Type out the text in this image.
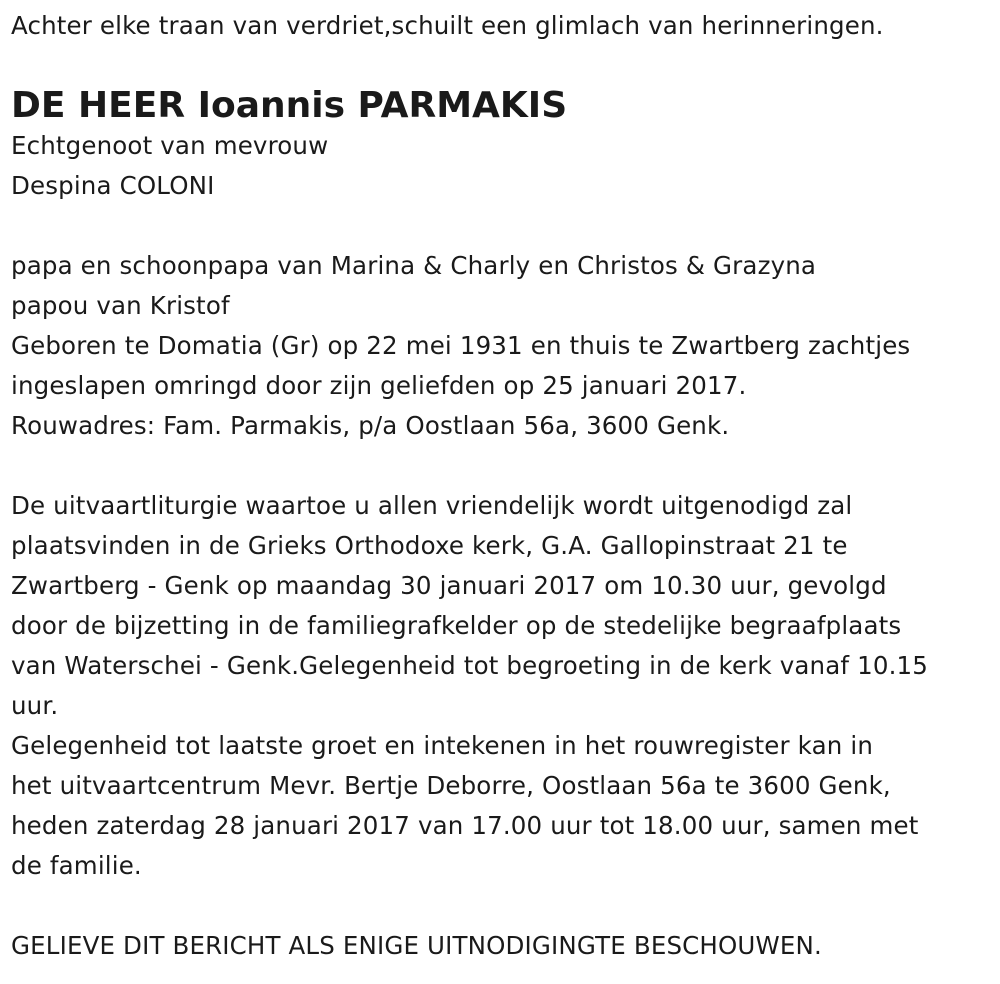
Achter elke traan van verdriet,schuilt een glimlach van herinneringen.
DE HEER Ioannis PARMAKIS
Echtgenoot van mevrouw
Despina COLONI
papa en schoonpapa van Marina & Charly en Christos & Grazyna
papou van Kristof
Geboren te Domatia (Gr) op 22 mei 1931 en thuis te Zwartberg zachtjes
ingeslapen omringd door zijn geliefden op 25 januari 2017.
Rouwadres: Fam. Parmakis, p/a Oostlaan 56a, 3600 Genk.
De uitvaartliturgie waartoe u allen vriendelijk wordt uitgenodigd zal
plaatsvinden in de Grieks Orthodoxe kerk, G.A. Gallopinstraat 21 te
Zwartberg - Genk op maandag 30 januari 2017 om 10.30 uur, gevolgd
door de bijzetting in de familiegrafkelder op de stedelijke begraafplaats
van Waterschei - Genk.Gelegenheid tot begroeting in de kerk vanaf 10.15
uur.
Gelegenheid tot laatste groet en intekenen in het rouwregister kan in
het uitvaartcentrum Mevr. Bertje Deborre, Oostlaan 56a te 3600 Genk,
heden zaterdag 28 januari 2017 van 17.00 uur tot 18.00 uur, samen met
de familie.
GELIEVE DIT BERICHT ALS ENIGE UITNODIGINGTE BESCHOUWEN.
